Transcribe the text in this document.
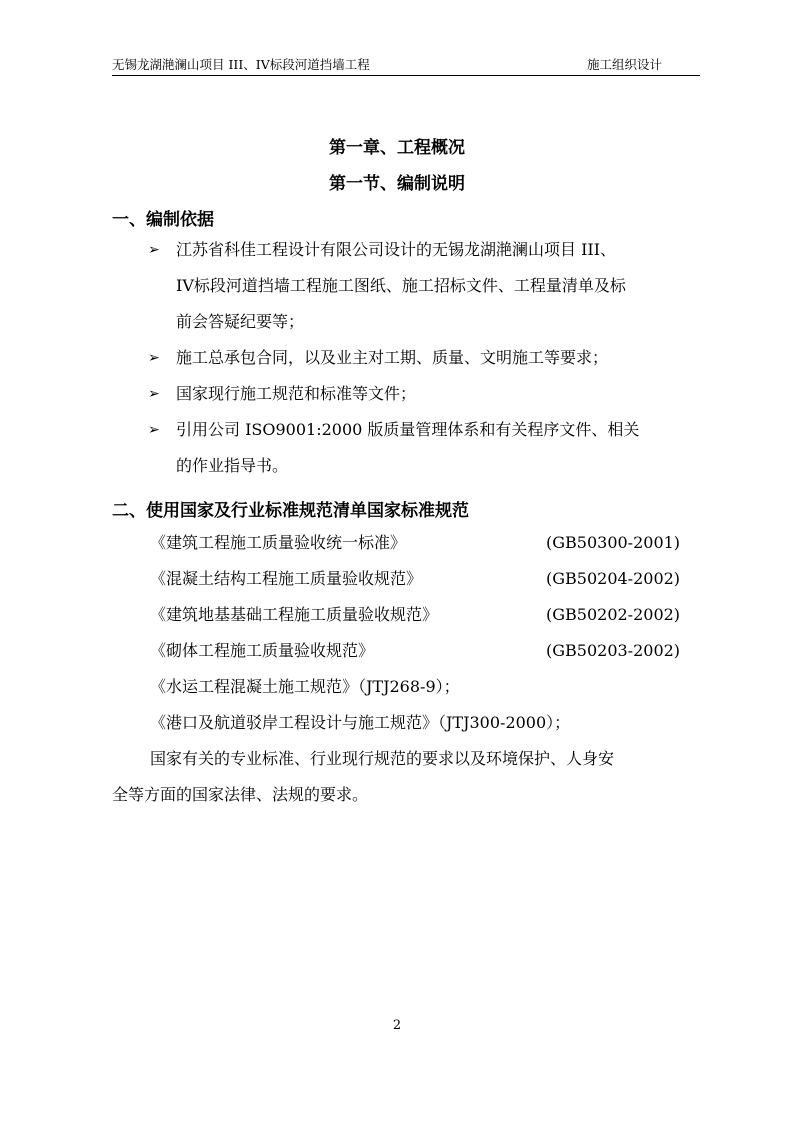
无锡龙湖滟澜山项目 III、IV标段河道挡墙工程	施工组织设计
第一章、工程概况
第一节、编制说明
一、编制依据
➢	江苏省科佳工程设计有限公司设计的无锡龙湖滟澜山项目 III、
IV标段河道挡墙工程施工图纸、施工招标文件、工程量清单及标
前会答疑纪要等；
➢	施工总承包合同，以及业主对工期、质量、文明施工等要求；
➢	国家现行施工规范和标准等文件；
➢	引用公司 ISO9001:2000 版质量管理体系和有关程序文件、相关
的作业指导书。
二、使用国家及行业标准规范清单国家标准规范
《建筑工程施工质量验收统一标准》	(GB50300-2001)
《混凝土结构工程施工质量验收规范》	(GB50204-2002)
《建筑地基基础工程施工质量验收规范》	(GB50202-2002)
《砌体工程施工质量验收规范》	(GB50203-2002)
《水运工程混凝土施工规范》（JTJ268-9）；
《港口及航道驳岸工程设计与施工规范》（JTJ300-2000）；
国家有关的专业标准、行业现行规范的要求以及环境保护、人身安
全等方面的国家法律、法规的要求。
2
